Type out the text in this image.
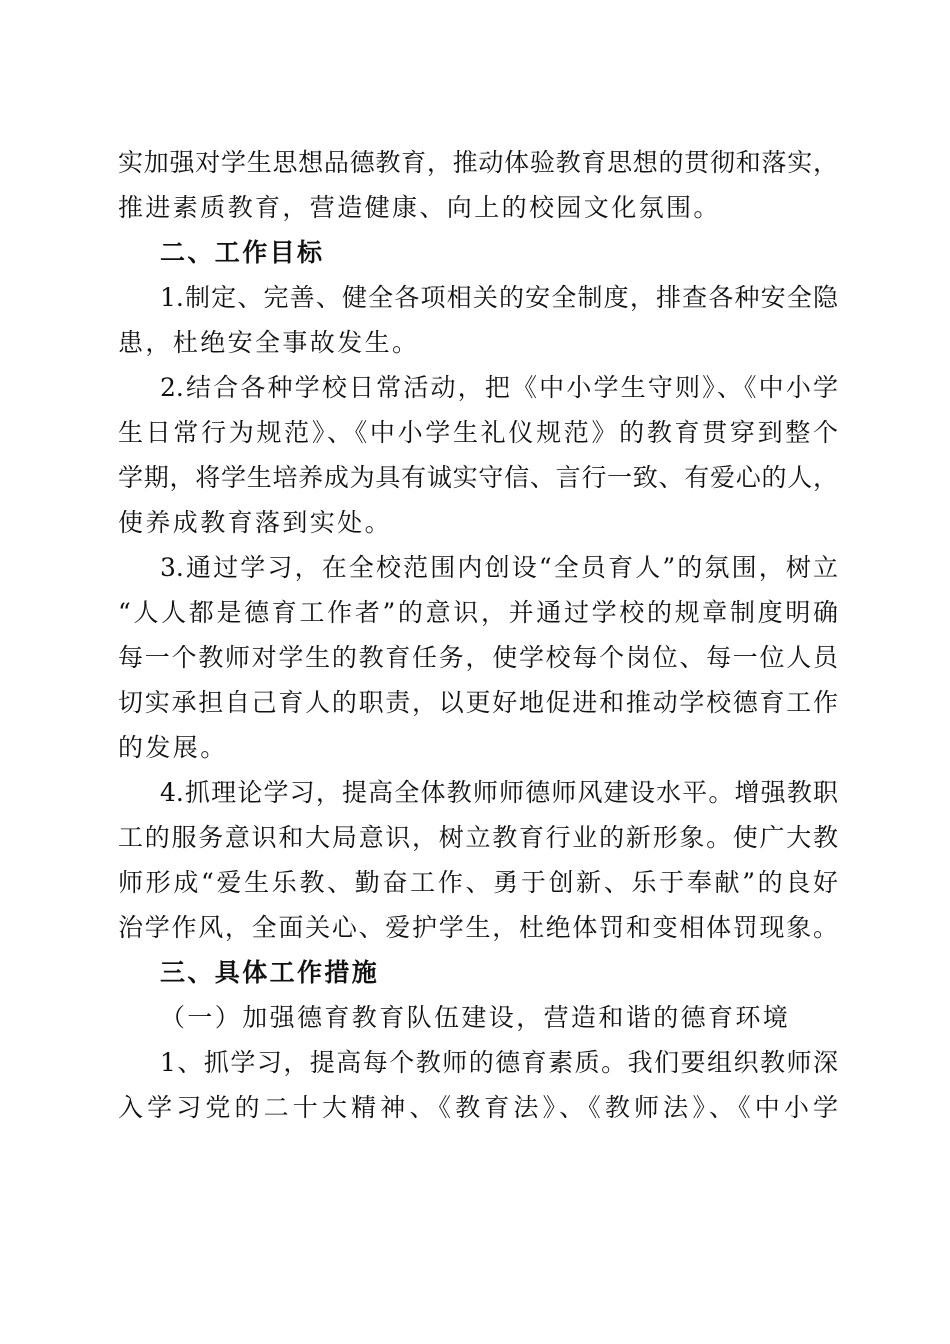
实加强对学生思想品德教育，推动体验教育思想的贯彻和落实，
推进素质教育，营造健康、向上的校园文化氛围。
二、工作目标
1.制定、完善、健全各项相关的安全制度，排查各种安全隐
患，杜绝安全事故发生。
2.结合各种学校日常活动，把《中小学生守则》、《中小学
生日常行为规范》、《中小学生礼仪规范》的教育贯穿到整个
学期，将学生培养成为具有诚实守信、言行一致、有爱心的人，
使养成教育落到实处。
3.通过学习，在全校范围内创设“全员育人”的氛围，树立
“人人都是德育工作者”的意识，并通过学校的规章制度明确
每一个教师对学生的教育任务，使学校每个岗位、每一位人员
切实承担自己育人的职责，以更好地促进和推动学校德育工作
的发展。
4.抓理论学习，提高全体教师师德师风建设水平。增强教职
工的服务意识和大局意识，树立教育行业的新形象。使广大教
师形成“爱生乐教、勤奋工作、勇于创新、乐于奉献”的良好
治学作风，全面关心、爱护学生，杜绝体罚和变相体罚现象。
三、具体工作措施
（一）加强德育教育队伍建设，营造和谐的德育环境
1、抓学习，提高每个教师的德育素质。我们要组织教师深
入学习党的二十大精神、《教育法》、《教师法》、《中小学
